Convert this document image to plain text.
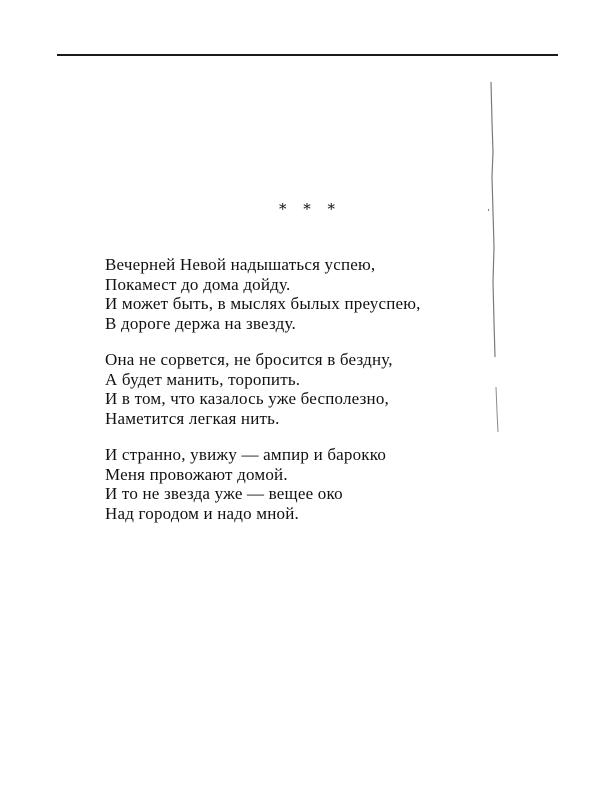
* * *
Вечерней Невой надышаться успею,
Покамест до дома дойду.
И может быть, в мыслях былых преуспею,
В дороге держа на звезду.
Она не сорвется, не бросится в бездну,
А будет манить, торопить.
И в том, что казалось уже бесполезно,
Наметится легкая нить.
И странно, увижу — ампир и барокко
Меня провожают домой.
И то не звезда уже — вещее око
Над городом и надо мной.
